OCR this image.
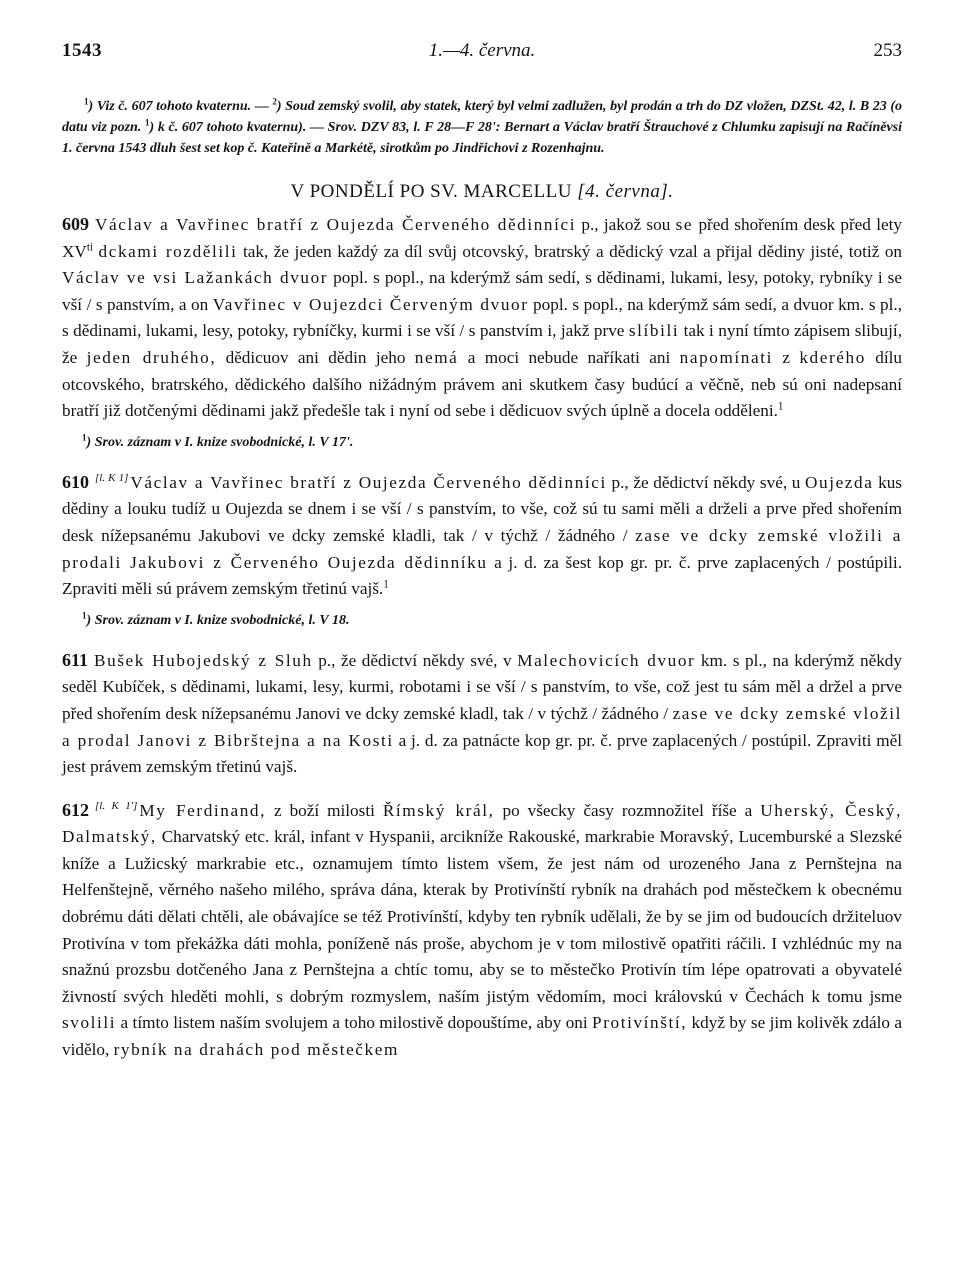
1543	1.—4. června.	253
$^1$) Viz č. 607 tohoto kvaternu. — $^2$) Soud zemský svolil, aby statek, který byl velmi zadlužen, byl prodán a trh do DZ vložen, DZSt. 42, l. B 23 (o datu viz pozn. $^1$) k č. 607 tohoto kvaternu). — Srov. DZV 83, l. F 28—F 28': Bernart a Václav bratří Štrauchové z Chlumku zapisují na Račíněvsi 1. června 1543 dluh šest set kop č. Kateřině a Markétě, sirotkům po Jindřichovi z Rozenhajnu.
V PONDĚLÍ PO SV. MARCELLU [4. června].
609 Václav a Vavřinec bratří z Oujezda Červeného dědinníci p., jakož sou se před shořením desk před lety $XV^{ti}$ dckami rozdělili tak, že jeden každý za díl svůj otcovský, bratrský a dědický vzal a přijal dědiny jisté, totiž on Václav ve vsi Lažankách dvuor popl. s popl., na kderýmž sám sedí, s dědinami, lukami, lesy, potoky, rybníky i se vší / s panstvím, a on Vavřinec v Oujezdci Červeným dvuor popl. s popl., na kderýmž sám sedí, a dvuor km. s pl., s dědinami, lukami, lesy, potoky, rybníčky, kurmi i se vší / s panstvím i, jakž prve slíbili tak i nyní tímto zápisem slibují, že jeden druhého, dědicuov ani dědin jeho nemá a moci nebude naříkati ani napomínati z kderého dílu otcovského, bratrského, dědického dalšího nižádným právem ani skutkem časy budúcí a věčně, neb sú oni nadepsaní bratří již dotčenými dědinami jakž předešle tak i nyní od sebe i dědicuov svých úplně a docela odděleni.$^1$
$^1$) Srov. záznam v I. knize svobodnické, l. V 17'.
610 [l. K 1] Václav a Vavřinec bratří z Oujezda Červeného dědinníci p., že dědictví někdy své, u Oujezda kus dědiny a louku tudíž u Oujezda se dnem i se vší / s panstvím, to vše, což sú tu sami měli a drželi a prve před shořením desk nížepsanému Jakubovi ve dcky zemské kladli, tak / v týchž / žádného / zase ve dcky zemské vložili a prodali Jakubovi z Červeného Oujezda dědinníku a j. d. za šest kop gr. pr. č. prve zaplacených / postúpili. Zpraviti měli sú právem zemským třetinú vajš.$^1$
$^1$) Srov. záznam v I. knize svobodnické, l. V 18.
611 Bušek Hubojedský z Sluh p., že dědictví někdy své, v Malechovicích dvuor km. s pl., na kderýmž někdy seděl Kubíček, s dědinami, lukami, lesy, kurmi, robotami i se vší / s panstvím, to vše, což jest tu sám měl a držel a prve před shořením desk nížepsanému Janovi ve dcky zemské kladl, tak / v týchž / žádného / zase ve dcky zemské vložil a prodal Janovi z Bibrštejna a na Kosti a j. d. za patnácte kop gr. pr. č. prve zaplacených / postúpil. Zpraviti měl jest právem zemským třetinú vajš.
612 [l. K 1'] My Ferdinand, z boží milosti Římský král, po všecky časy rozmnožitel říše a Uherský, Český, Dalmatský, Charvatský etc. král, infant v Hyspanii, arcikníže Rakouské, markrabie Moravský, Lucemburské a Slezské kníže a Lužicský markrabie etc., oznamujem tímto listem všem, že jest nám od urozeného Jana z Pernštejna na Helfenštejně, věrného našeho milého, správa dána, kterak by Protivínští rybník na drahách pod městečkem k obecnému dobrému dáti dělati chtěli, ale obávajíce se též Protivínští, kdyby ten rybník udělali, že by se jim od budoucích držiteluov Protivína v tom překážka dáti mohla, poníženě nás proše, abychom je v tom milostivě opatřiti ráčili. I vzhlédnúc my na snažnú prozsbu dotčeného Jana z Pernštejna a chtíc tomu, aby se to městečko Protivín tím lépe opatrovati a obyvatelé živností svých hleděti mohli, s dobrým rozmyslem, naším jistým vědomím, moci královskú v Čechách k tomu jsme svolili a tímto listem naším svolujem a toho milostivě dopouštíme, aby oni Protivínští, když by se jim kolivěk zdálo a vidělo, rybník na drahách pod městečkem
